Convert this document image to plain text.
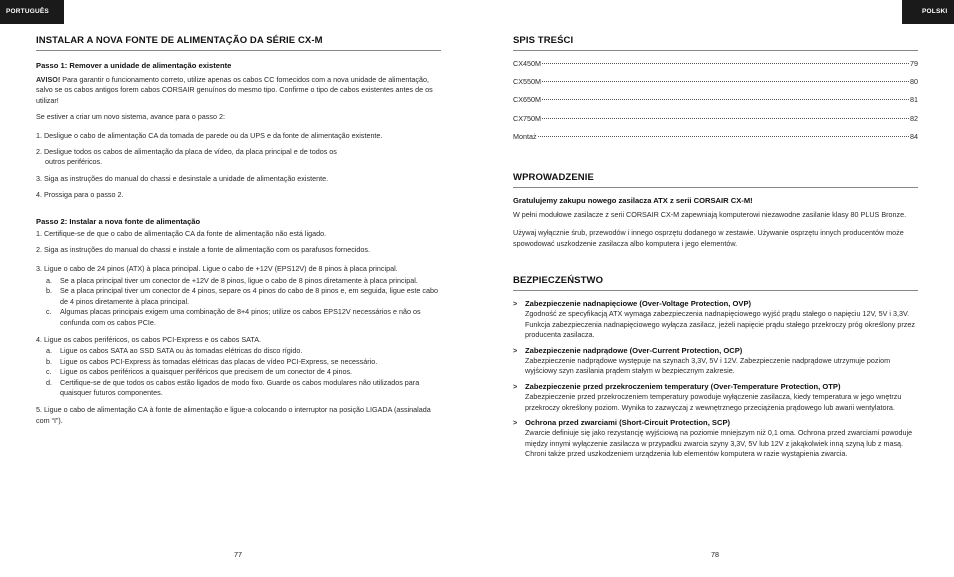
PORTUGUÊS	POLSKI
INSTALAR A NOVA FONTE DE ALIMENTAÇÃO DA SÉRIE CX-M
Passo 1: Remover a unidade de alimentação existente

AVISO! Para garantir o funcionamento correto, utilize apenas os cabos CC fornecidos com a nova unidade de alimentação, salvo se os cabos antigos forem cabos CORSAIR genuínos do mesmo tipo. Confirme o tipo de cabos existentes antes de os utilizar!

Se estiver a criar um novo sistema, avance para o passo 2:

1. Desligue o cabo de alimentação CA da tomada de parede ou da UPS e da fonte de alimentação existente.
2. Desligue todos os cabos de alimentação da placa de vídeo, da placa principal e de todos os
outros periféricos.
3. Siga as instruções do manual do chassi e desinstale a unidade de alimentação existente.
4. Prossiga para o passo 2.
Passo 2: Instalar a nova fonte de alimentação
1. Certifique-se de que o cabo de alimentação CA da fonte de alimentação não está ligado.
2. Siga as instruções do manual do chassi e instale a fonte de alimentação com os parafusos fornecidos.
3. Ligue o cabo de 24 pinos (ATX) à placa principal. Ligue o cabo de +12V (EPS12V) de 8 pinos à placa principal.
a.	Se a placa principal tiver um conector de +12V de 8 pinos, ligue o cabo de 8 pinos diretamente à placa principal.
b.	Se a placa principal tiver um conector de 4 pinos, separe os 4 pinos do cabo de 8 pinos e, em seguida, ligue este cabo de 4 pinos diretamente à placa principal.
c.	Algumas placas principais exigem uma combinação de 8+4 pinos; utilize os cabos EPS12V necessários e não os confunda com os cabos PCIe.
4. Ligue os cabos periféricos, os cabos PCI-Express e os cabos SATA.
a.	Ligue os cabos SATA ao SSD SATA ou às tomadas elétricas do disco rígido.
b.	Ligue os cabos PCI-Express às tomadas elétricas das placas de vídeo PCI-Express, se necessário.
c.	Ligue os cabos periféricos a quaisquer periféricos que precisem de um conector de 4 pinos.
d.	Certifique-se de que todos os cabos estão ligados de modo fixo. Guarde os cabos modulares não utilizados para quaisquer futuros componentes.
5. Ligue o cabo de alimentação CA à fonte de alimentação e ligue-a colocando o interruptor na posição LIGADA (assinalada com “I”).
77
SPIS TREŚCI
CX450M	79
CX550M	80
CX650M	81
CX750M	82
Montaż	84
WPROWADZENIE
Gratulujemy zakupu nowego zasilacza ATX z serii CORSAIR CX-M!

W pełni modułowe zasilacze z serii CORSAIR CX-M zapewniają komputerowi niezawodne zasilanie klasy 80 PLUS Bronze.

Używaj wyłącznie śrub, przewodów i innego osprzętu dodanego w zestawie. Używanie osprzętu innych producentów może spowodować uszkodzenie zasilacza albo komputera i jego elementów.

BEZPIECZEŃSTWO
>	Zabezpieczenie nadnapięciowe (Over-Voltage Protection, OVP)
Zgodność ze specyfikacją ATX wymaga zabezpieczenia nadnapięciowego wyjść prądu stałego o napięciu 12V, 5V i 3,3V. Funkcja zabezpieczenia nadnapięciowego wyłącza zasilacz, jeżeli napięcie prądu stałego przekroczy próg określony przez producenta zasilacza.
>	Zabezpieczenie nadprądowe (Over-Current Protection, OCP)
Zabezpieczenie nadprądowe występuje na szynach 3,3V, 5V i 12V. Zabezpieczenie nadprądowe utrzymuje poziom wyjściowy szyn zasilania prądem stałym w bezpiecznym zakresie.
>	Zabezpieczenie przed przekroczeniem temperatury (Over-Temperature Protection, OTP)
Zabezpieczenie przed przekroczeniem temperatury powoduje wyłączenie zasilacza, kiedy temperatura w jego wnętrzu przekroczy określony poziom. Wynika to zazwyczaj z wewnętrznego przeciążenia prądowego lub awarii wentylatora.
>	Ochrona przed zwarciami (Short-Circuit Protection, SCP)
Zwarcie definiuje się jako rezystancję wyjściową na poziomie mniejszym niż 0,1 oma. Ochrona przed zwarciami powoduje między innymi wyłączenie zasilacza w przypadku zwarcia szyny 3,3V, 5V lub 12V z jakąkolwiek inną szyną lub z masą. Chroni także przed uszkodzeniem urządzenia lub elementów komputera w razie wystąpienia zwarcia.
78
